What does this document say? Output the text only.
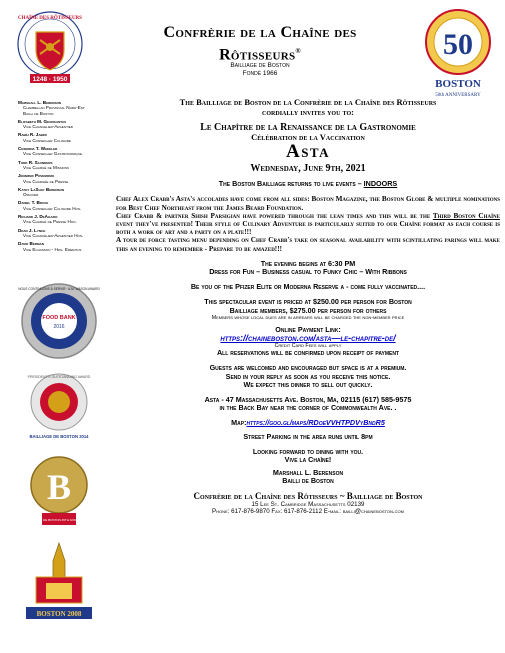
CHAÎNE DES RÔTISSEURS
1248 · 1950
50
BOSTON
50th ANNIVERSARY
Confrèrie de la Chaîne des
Rôtisseurs®
Bailliage de Boston
Fondé 1966
Marshall L. Berenson
Chambellan Provincial Nord-Est
Bailli de Boston
Elizabeth M. Georgantas
Vice Chancelier-Argentier
Rabih R. Jaber
Vice Conseiller Culinaire
Ceserina T. Wheeler
Vice Conseiller Gastronomique
Todd R. Saunders
Vice Chargé de Missions
Jennifer Povemomo
Vice Chargée de Presse
Kathy LaShay Berenson
Officier
Daniel T. Bruce
Vice Conseiller Culinaire Hon.
Richard J. DeAgazio
Vice Chargé de Presse Hon.
Dean J. Lynch
Vice Chancelier-Argentier Hon.
David Berman
Vice Echanson - Hon. Emeritus
FOOD BANK
2016
NOUS CONTINUONS À SERVIR · A.M. WASON AWARD
PRESIDENT'S OUTSTANDING AWARD
BAILLIAGE DE BOSTON 2014
B
BAILLIAGE DE BOSTON 45TH ANNIVERSARY
BOSTON 2008
The Bailliage de Boston de la Confrèrie de la Chaîne des Rôtisseurs
cordially invites you to:
Le Chapître de la Renaissance de la Gastronomie
Célébration de la Vaccination
Asta
Wednesday, June 9th, 2021
The Boston Bailliage returns to live events – INDOORS
Chef Alex Crabb's Asta's accolades have come from all sides: Boston Magazine, the Boston Globe & multiple nominations for Best Chef Northeast from the James Beard Foundation.
Chef Crabb & partner Shish Parsigian have powered through the lean times and this will be the Third Boston Chaîne event they've presented! Their style of Culinary Adventure is particularly suited to our Chaîne format as each course is both a work of art and a party on a plate!!!
A tour de force tasting menu depending on Chef Crabb's take on seasonal availability with scintillating parings will make this an evening to remember - Prepare to be amazed!!!
The evening begins at 6:30 PM
Dress for Fun – Business casual to Funky Chic – With Ribbons
Be you of the Pfizer Elite or Moderna Reserve a - come fully vaccinated....
This spectacular event is priced at $250.00 per person for Boston
Bailliage members, $275.00 per person for others
Members whose local dues are in arrears will be charged the non-member price
Online Payment Link:
https://chaineboston.com/asta—le-chapitre-de/
Credit Card Fees will apply
All reservations will be confirmed upon receipt of payment
Guests are welcomed and encouraged but space is at a premium.
Send in your reply as soon as you receive this notice.
We expect this dinner to sell out quickly.
Asta - 47 Massachusetts Ave. Boston, Ma, 02115 (617) 585-9575
in the Back Bay near the corner of Commonwealth Ave. .
Map:https://goo.gl/maps/RDoeVVHTPDVyBndR5
Street Parking in the area runs until 8pm
Looking forward to dining with you.
Vive la Chaîne!
Marshall L. Berenson
Bailli de Boston
Confrèrie de la Chaîne des Rôtisseurs ~ Bailliage de Boston
15 Lee St. Cambridge Massachusetts 02139
Phone: 617-876-9870 Fax: 617-876-2112 E-mail: bailli@chaineboston.com
